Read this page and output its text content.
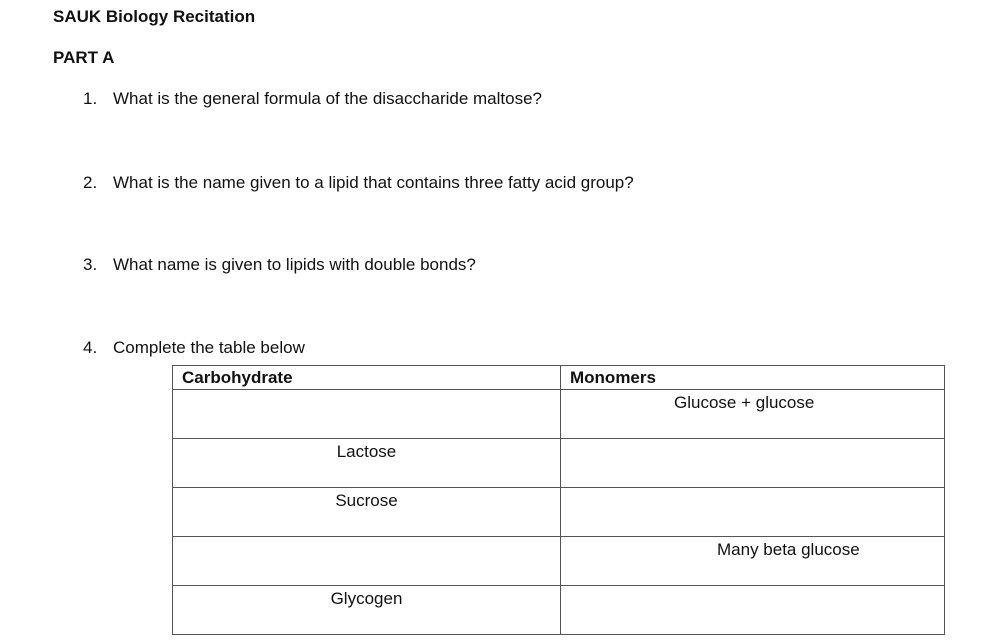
SAUK Biology Recitation
PART A
1. What is the general formula of the disaccharide maltose?
2. What is the name given to a lipid that contains three fatty acid group?
3. What name is given to lipids with double bonds?
4. Complete the table below
Carbohydrate	Monomers
	Glucose + glucose
Lactose	
Sucrose	
	Many beta glucose
Glycogen	
